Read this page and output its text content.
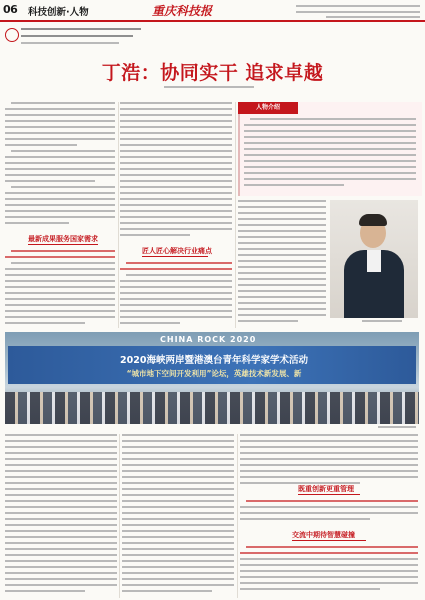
06 科技创新·人物	重庆科技报
丁浩：协同实干 追求卓越
最新成果服务国家需求
匠人匠心解决行业痛点
人物介绍
CHINA ROCK 2020
2020海峡两岸暨港澳台青年科学家学术活动
“城市地下空间开发利用”论坛，英雄技术新发展、新
既重创新更重管理
交流中期待智慧碰撞
